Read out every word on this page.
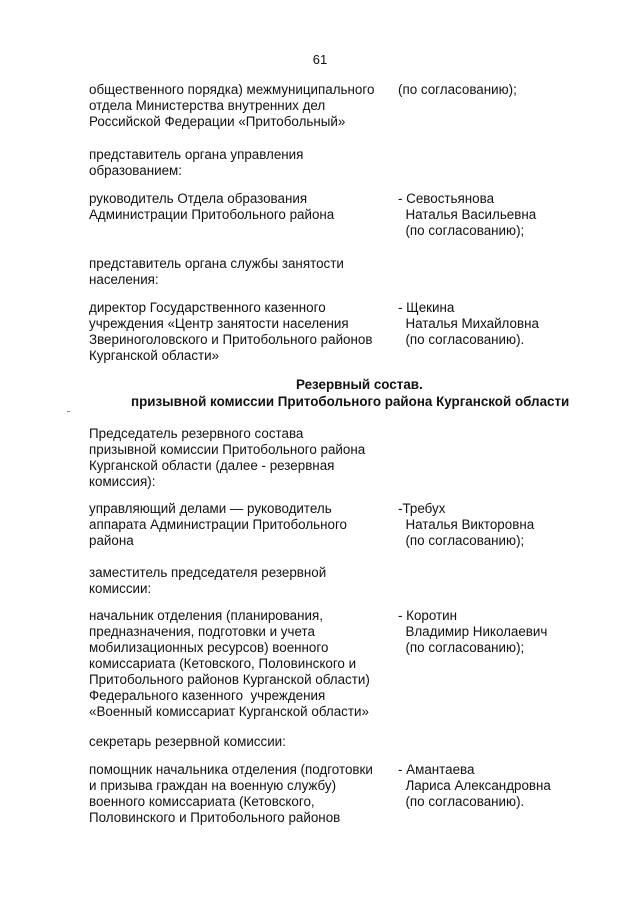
61
общественного порядка) межмуниципального
отдела Министерства внутренних дел
Российской Федерации «Притобольный»
(по согласованию);
представитель органа управления
образованием:
руководитель Отдела образования
Администрации Притобольного района
- Севостьянова
Наталья Васильевна
(по согласованию);
представитель органа службы занятости
населения:
директор Государственного казенного
учреждения «Центр занятости населения
Звериноголовского и Притобольного районов
Курганской области»
- Щекина
Наталья Михайловна
(по согласованию).
Резервный состав.
призывной комиссии Притобольного района Курганской области
Председатель резервного состава
призывной комиссии Притобольного района
Курганской области (далее - резервная
комиссия):
управляющий делами — руководитель
аппарата Администрации Притобольного
района
-Требух
Наталья Викторовна
(по согласованию);
заместитель председателя резервной
комиссии:
начальник отделения (планирования,
предназначения, подготовки и учета
мобилизационных ресурсов) военного
комиссариата (Кетовского, Половинского и
Притобольного районов Курганской области)
Федерального казенного  учреждения
«Военный комиссариат Курганской области»
- Коротин
Владимир Николаевич
(по согласованию);
секретарь резервной комиссии:
помощник начальника отделения (подготовки
и призыва граждан на военную службу)
военного комиссариата (Кетовского,
Половинского и Притобольного районов
- Амантаева
Лариса Александровна
(по согласованию).
